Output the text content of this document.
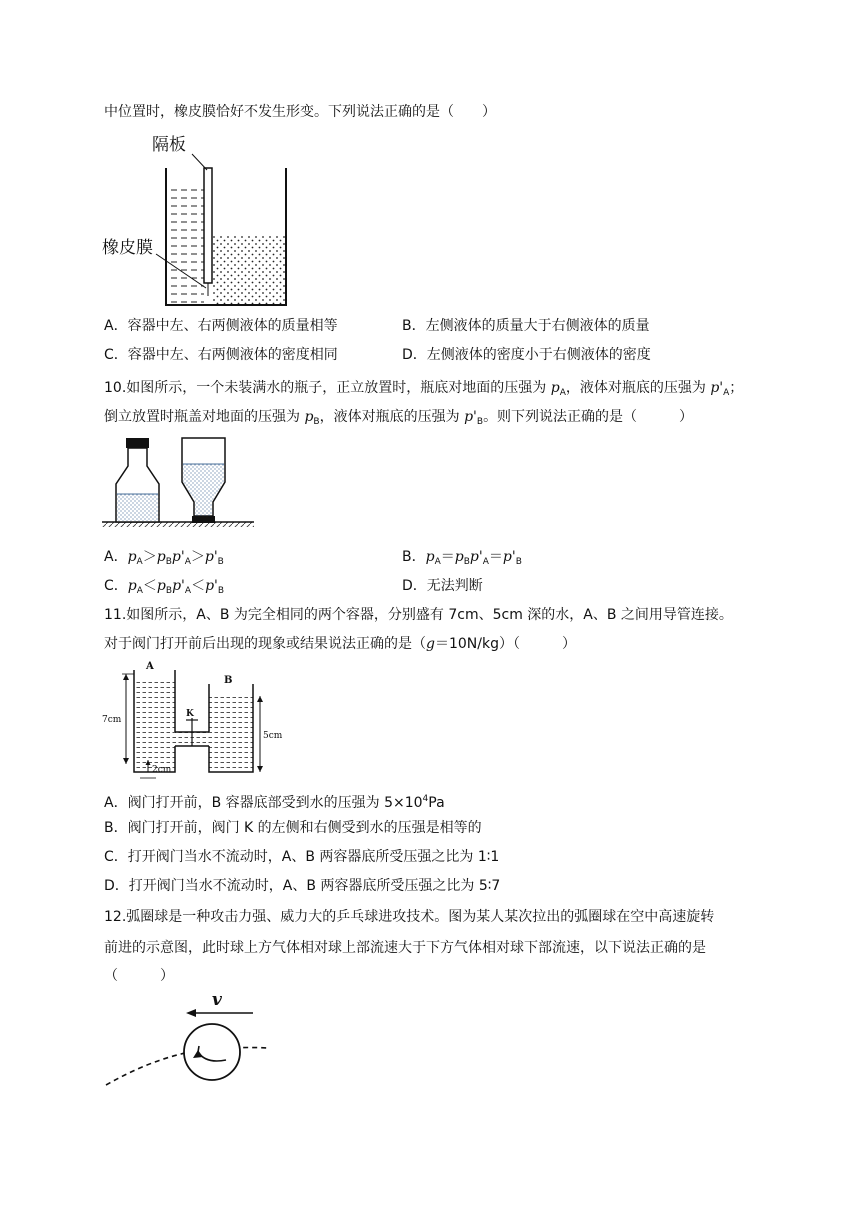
中位置时，橡皮膜恰好不发生形变。下列说法正确的是（　　）
隔板
橡皮膜
A．容器中左、右两侧液体的质量相等	B．左侧液体的质量大于右侧液体的质量
C．容器中左、右两侧液体的密度相同	D．左侧液体的密度小于右侧液体的密度
10.如图所示，一个未装满水的瓶子，正立放置时，瓶底对地面的压强为 $p_A$，液体对瓶底的压强为 $p'_A$；
倒立放置时瓶盖对地面的压强为 $p_B$，液体对瓶底的压强为 $p'_B$。则下列说法正确的是（　　　）
A．$p_A>p_Bp'_A>p'_B$	B．$p_A=p_Bp'_A=p'_B$
C．$p_A<p_Bp'_A<p'_B$	D．无法判断
11.如图所示，A、B 为完全相同的两个容器，分别盛有 7cm、5cm 深的水，A、B 之间用导管连接。
对于阀门打开前后出现的现象或结果说法正确的是（g＝10N/kg）（　　　）
A
B
K
7cm
5cm
2cm
A．阀门打开前，B 容器底部受到水的压强为 $5\times 10^4Pa$
B．阀门打开前，阀门 K 的左侧和右侧受到水的压强是相等的
C．打开阀门当水不流动时，A、B 两容器底所受压强之比为 1∶1
D．打开阀门当水不流动时，A、B 两容器底所受压强之比为 5∶7
12.弧圈球是一种攻击力强、威力大的乒乓球进攻技术。图为某人某次拉出的弧圈球在空中高速旋转
前进的示意图，此时球上方气体相对球上部流速大于下方气体相对球下部流速，以下说法正确的是
（　　　）
v
